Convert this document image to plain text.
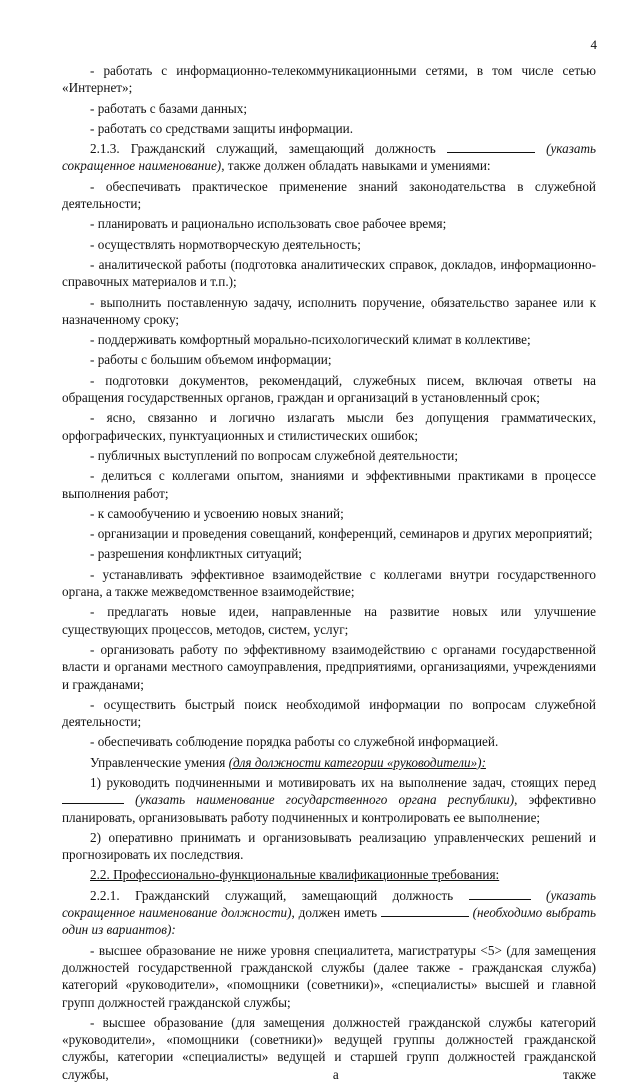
4

- работать с информационно-телекоммуникационными сетями, в том числе сетью «Интернет»;

- работать с базами данных;

- работать со средствами защиты информации.

2.1.3. Гражданский служащий, замещающий должность	(указать сокращенное наименование), также должен обладать навыками и умениями:

- обеспечивать практическое применение знаний законодательства в служебной деятельности;

- планировать и рационально использовать свое рабочее время;

- осуществлять нормотворческую деятельность;

- аналитической работы (подготовка аналитических справок, докладов, информационно-справочных материалов и т.п.);

- выполнить поставленную задачу, исполнить поручение, обязательство заранее или к назначенному сроку;

- поддерживать комфортный морально-психологический климат в коллективе;

- работы с большим объемом информации;

- подготовки документов, рекомендаций, служебных писем, включая ответы на обращения государственных органов, граждан и организаций в установленный срок;

- ясно, связанно и логично излагать мысли без допущения грамматических, орфографических, пунктуационных и стилистических ошибок;

- публичных выступлений по вопросам служебной деятельности;

- делиться с коллегами опытом, знаниями и эффективными практиками в процессе выполнения работ;

- к самообучению и усвоению новых знаний;

- организации и проведения совещаний, конференций, семинаров и других мероприятий;

- разрешения конфликтных ситуаций;

- устанавливать эффективное взаимодействие с коллегами внутри государственного органа, а также межведомственное взаимодействие;

- предлагать новые идеи, направленные на развитие новых или улучшение существующих процессов, методов, систем, услуг;

- организовать работу по эффективному взаимодействию с органами государственной власти и органами местного самоуправления, предприятиями, организациями, учреждениями и гражданами;

- осуществить быстрый поиск необходимой информации по вопросам служебной деятельности;

- обеспечивать соблюдение порядка работы со служебной информацией.

Управленческие умения (для должности категории «руководители»):

1) руководить подчиненными и мотивировать их на выполнение задач, стоящих перед  (указать наименование государственного органа республики), эффективно планировать, организовывать работу подчиненных и контролировать ее выполнение;

2) оперативно принимать и организовывать реализацию управленческих решений и прогнозировать их последствия.

2.2. Профессионально-функциональные квалификационные требования:

2.2.1. Гражданский служащий, замещающий должность	(указать сокращенное наименование должности), должен иметь	(необходимо выбрать один из вариантов):

- высшее образование не ниже уровня специалитета, магистратуры <5> (для замещения должностей государственной гражданской службы (далее также - гражданская служба) категорий «руководители», «помощники (советники)», «специалисты» высшей и главной групп должностей гражданской службы;

- высшее образование (для замещения должностей гражданской службы категорий «руководители», «помощники (советники)» ведущей группы должностей гражданской службы, категории «специалисты» ведущей и старшей групп должностей гражданской службы, а также
